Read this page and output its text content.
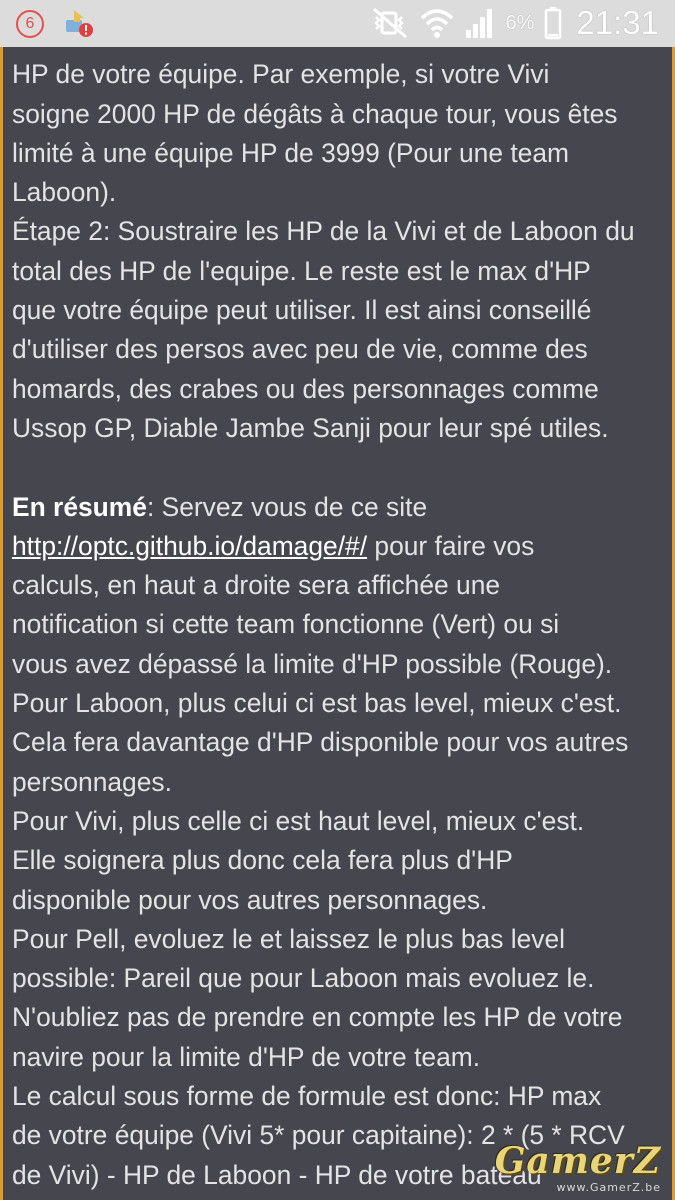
6	6% 21:31

HP de votre équipe. Par exemple, si votre Vivi

soigne 2000 HP de dégâts à chaque tour, vous êtes

limité à une équipe HP de 3999 (Pour une team

Laboon).

Étape 2: Soustraire les HP de la Vivi et de Laboon du

total des HP de l'equipe. Le reste est le max d'HP

que votre équipe peut utiliser. Il est ainsi conseillé

d'utiliser des persos avec peu de vie, comme des

homards, des crabes ou des personnages comme

Ussop GP, Diable Jambe Sanji pour leur spé utiles.

En résumé: Servez vous de ce site

http://optc.github.io/damage/#/ pour faire vos

calculs, en haut a droite sera affichée une

notification si cette team fonctionne (Vert) ou si

vous avez dépassé la limite d'HP possible (Rouge).

Pour Laboon, plus celui ci est bas level, mieux c'est.

Cela fera davantage d'HP disponible pour vos autres

personnages.

Pour Vivi, plus celle ci est haut level, mieux c'est.

Elle soignera plus donc cela fera plus d'HP

disponible pour vos autres personnages.

Pour Pell, evoluez le et laissez le plus bas level

possible: Pareil que pour Laboon mais evoluez le.

N'oubliez pas de prendre en compte les HP de votre

navire pour la limite d'HP de votre team.

Le calcul sous forme de formule est donc: HP max

de votre équipe (Vivi 5* pour capitaine): 2 * (5 * RCV

de Vivi) - HP de Laboon - HP de votre bateau

GamerZ
www.GamerZ.be
